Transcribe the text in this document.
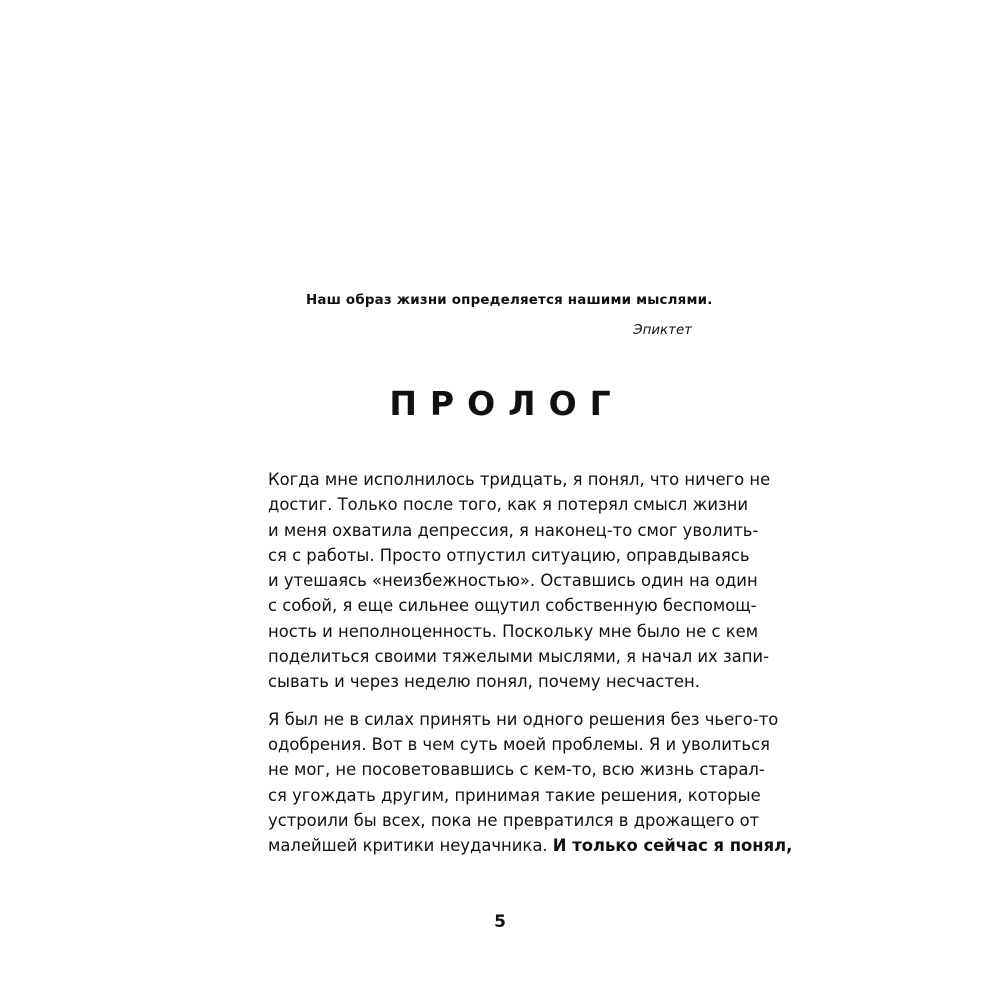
Наш образ жизни определяется нашими мыслями.

Эпиктет

ПРОЛОГ

Когда мне исполнилось тридцать, я понял, что ничего не
достиг. Только после того, как я потерял смысл жизни
и меня охватила депрессия, я наконец-то смог уволить-
ся с работы. Просто отпустил ситуацию, оправдываясь
и утешаясь «неизбежностью». Оставшись один на один
с собой, я еще сильнее ощутил собственную беспомощ-
ность и неполноценность. Поскольку мне было не с кем
поделиться своими тяжелыми мыслями, я начал их запи-
сывать и через неделю понял, почему несчастен.

Я был не в силах принять ни одного решения без чьего-то
одобрения. Вот в чем суть моей проблемы. Я и уволиться
не мог, не посоветовавшись с кем-то, всю жизнь старал-
ся угождать другим, принимая такие решения, которые
устроили бы всех, пока не превратился в дрожащего от
малейшей критики неудачника. И только сейчас я понял,

5
